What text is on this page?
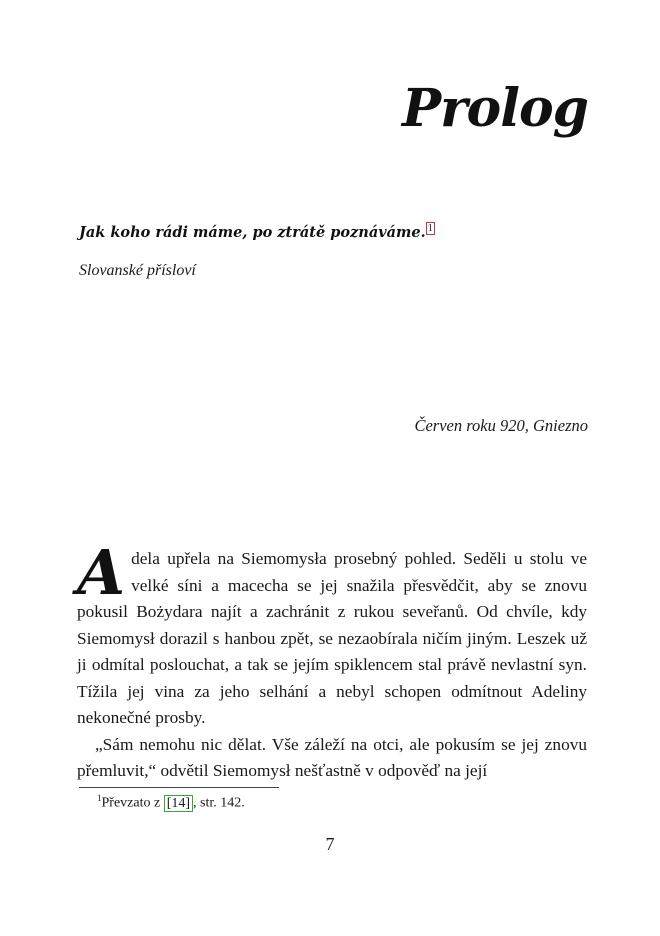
Prolog
Jak koho rádi máme, po ztrátě poznáváme. $^1$
Slovanské přísloví
Červen roku 920, Gniezno

Adela upřela na Siemomysła prosebný pohled. Seděli u stolu ve velké síni a macecha se jej snažila přesvědčit, aby se znovu pokusil Bożydara najít a zachránit z rukou seveřanů. Od chvíle, kdy Siemomysł dorazil s hanbou zpět, se nezaobírala ničím jiným. Leszek už ji odmítal poslouchat, a tak se jejím spiklencem stal právě nevlastní syn. Tížila jej vina za jeho selhání a nebyl schopen odmítnout Adeliny nekonečné prosby.

„Sám nemohu nic dělat. Vše záleží na otci, ale pokusím se jej znovu přemluvit,“ odvětil Siemomysł nešťastně v odpověď na její

$^1$Převzato z [14] , str. 142.
7
